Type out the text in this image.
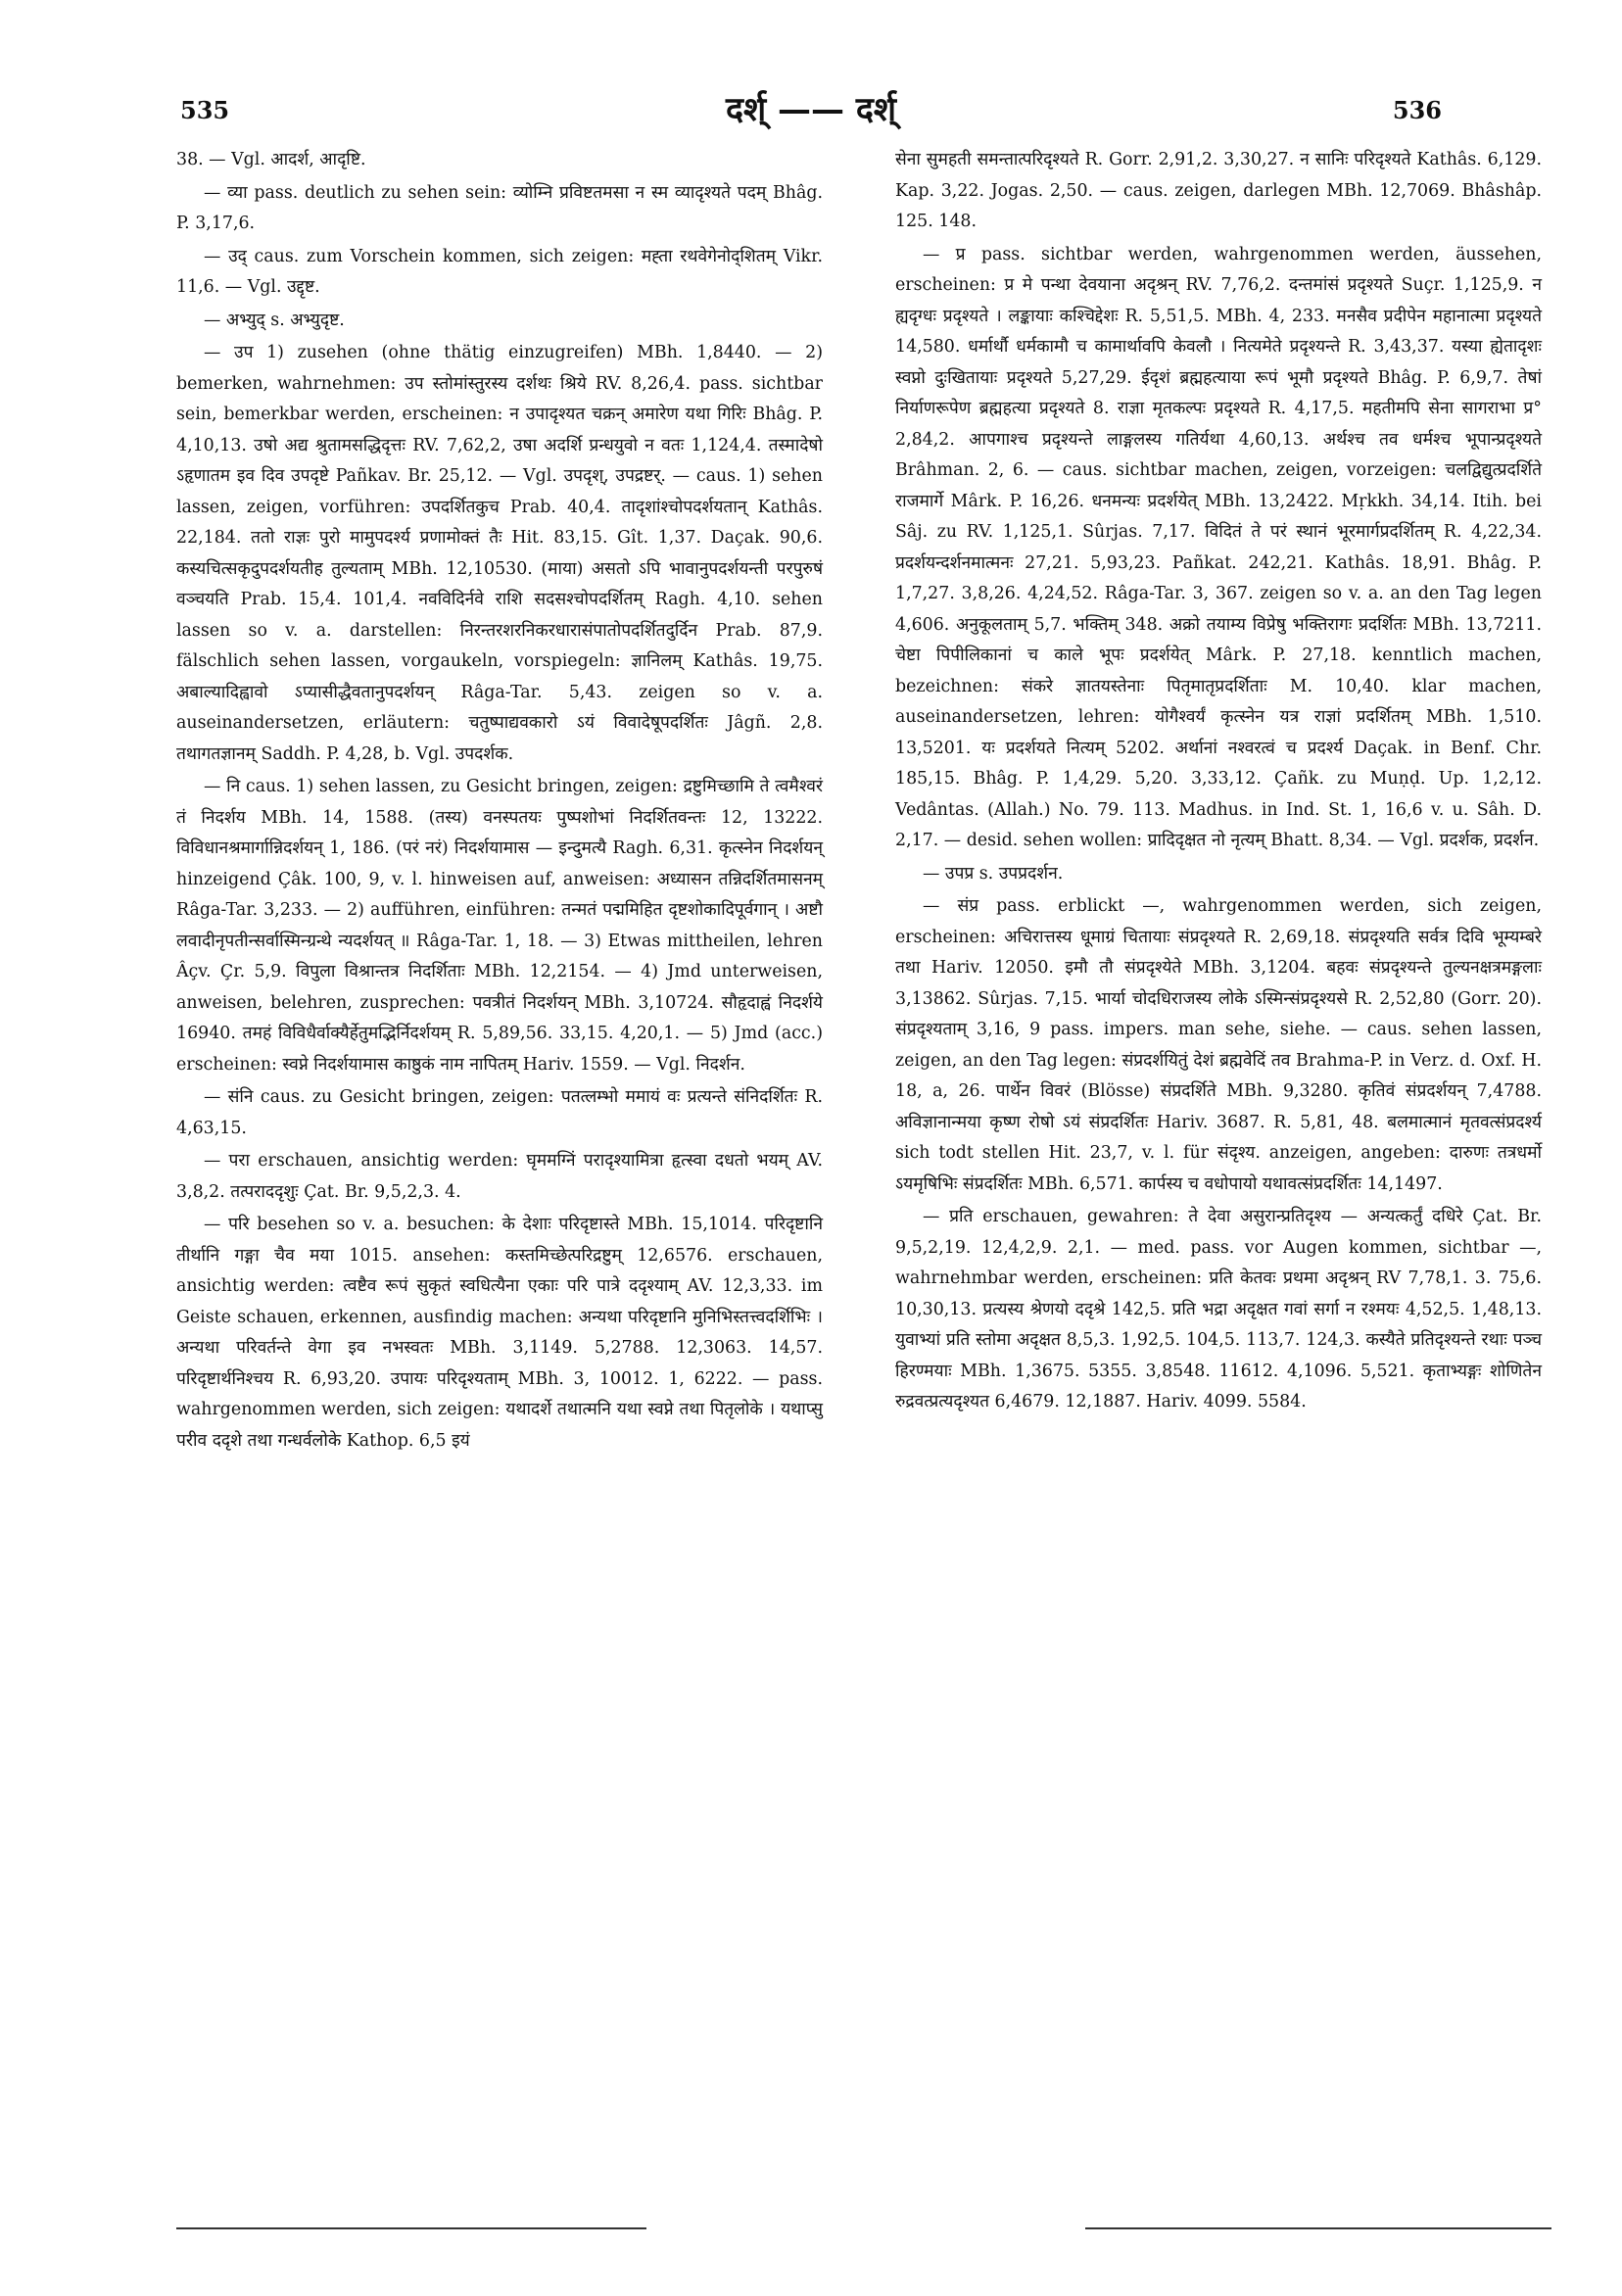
535	दर्श् —— दर्श्	536

38. — Vgl. आदर्श, आदृष्टि.

— व्या pass. deutlich zu sehen sein: व्योम्नि प्रविष्टतमसा न स्म व्यादृश्यते पदम् Bhâg. P. 3,17,6.

— उद् caus. zum Vorschein kommen, sich zeigen: मह्ता रथवेगेनोद्शितम् Vikr. 11,6. — Vgl. उद्दृष्ट.

— अभ्युद् s. अभ्युदृष्ट.

— उप 1) zusehen (ohne thätig einzugreifen) MBh. 1,8440. — 2) bemerken, wahrnehmen: उप स्तोमांस्तुरस्य दर्शथः श्रिये RV. 8,26,4. pass. sichtbar sein, bemerkbar werden, erscheinen: न उपादृश्यत चक्रन् अमारेण यथा गिरिः Bhâg. P. 4,10,13. उषो अद्य श्रुतामसद्धिदृत्तः RV. 7,62,2, उषा अदर्शि प्रन्धयुवो न वतः 1,124,4. तस्मादेषो ऽहृणातम इव दिव उपदृष्टे Pañkav. Br. 25,12. — Vgl. उपदृश्, उपद्रष्टर्. — caus. 1) sehen lassen, zeigen, vorführen: उपदर्शितकुच Prab. 40,4. तादृशांश्चोपदर्शयतान् Kathâs. 22,184. ततो राज्ञः पुरो मामुपदर्श्य प्रणामोक्तं तैः Hit. 83,15. Gît. 1,37. Daçak. 90,6. कस्यचित्सकृदुपदर्शयतीह तुल्यताम् MBh. 12,10530. (माया) असतो ऽपि भावानुपदर्शयन्ती परपुरुषं वञ्चयति Prab. 15,4. 101,4. नवविदिर्नवे राशि सदसश्चोपदर्शितम् Ragh. 4,10. sehen lassen so v. a. darstellen: निरन्तरशरनिकरधारासंपातोपदर्शितदुर्दिन Prab. 87,9. fälschlich sehen lassen, vorgaukeln, vorspiegeln: ज्ञानिलम् Kathâs. 19,75. अबाल्यादिह्वावो ऽप्यासीद्धैवतानुपदर्शयन् Râga-Tar. 5,43. zeigen so v. a. auseinandersetzen, erläutern: चतुष्पाद्यवकारो ऽयं विवादेषूपदर्शितः Jâgñ. 2,8. तथागतज्ञानम् Saddh. P. 4,28, b. Vgl. उपदर्शक.

— नि caus. 1) sehen lassen, zu Gesicht bringen, zeigen: द्रष्टुमिच्छामि ते त्वमैश्वरं तं निदर्शय MBh. 14, 1588. (तस्य) वनस्पतयः पुष्पशोभां निदर्शितवन्तः 12, 13222. विविधानश्रमार्गान्निदर्शयन् 1, 186. (परं नरं) निदर्शयामास — इन्दुमत्यै Ragh. 6,31. कृत्स्नेन निदर्शयन् hinzeigend Çâk. 100, 9, v. l. hinweisen auf, anweisen: अध्यासन तन्निदर्शितमासनम् Râga-Tar. 3,233. — 2) aufführen, einführen: तन्मतं पद्ममिहित दृष्टशोकादिपूर्वगान् । अष्टौ लवादीनृपतीन्सर्वास्मिन्ग्रन्थे न्यदर्शयत् ॥ Râga-Tar. 1, 18. — 3) Etwas mittheilen, lehren Âçv. Çr. 5,9. विपुला विश्रान्तत्र निदर्शिताः MBh. 12,2154. — 4) Jmd unterweisen, anweisen, belehren, zusprechen: पवत्रीतं निदर्शयन् MBh. 3,10724. सौहृदाह्वं निदर्शये 16940. तमहं विविधैर्वाक्यैर्हेतुमद्भिर्निदर्शयम् R. 5,89,56. 33,15. 4,20,1. — 5) Jmd (acc.) erscheinen: स्वप्ने निदर्शयामास काष्ठुकं नाम नापितम् Hariv. 1559. — Vgl. निदर्शन.

— संनि caus. zu Gesicht bringen, zeigen: पतत्लम्भो ममायं वः प्रत्यन्ते संनिदर्शितः R. 4,63,15.

— परा erschauen, ansichtig werden: घृममग्निं परादृश्यामित्रा हृत्स्वा दधतो भयम् AV. 3,8,2. तत्पराददृशुः Çat. Br. 9,5,2,3. 4.

— परि besehen so v. a. besuchen: के देशाः परिदृष्टास्ते MBh. 15,1014. परिदृष्टानि तीर्थानि गङ्गा चैव मया 1015. ansehen: कस्तमिच्छेत्परिद्रष्टुम् 12,6576. erschauen, ansichtig werden: त्वष्टैव रूपं सुकृतं स्वधित्यैना एकाः परि पात्रे ददृश्याम् AV. 12,3,33. im Geiste schauen, erkennen, ausfindig machen: अन्यथा परिदृष्टानि मुनिभिस्तत्त्वदर्शिभिः । अन्यथा परिवर्तन्ते वेगा इव नभस्वतः MBh. 3,1149. 5,2788. 12,3063. 14,57. परिदृष्टार्थनिश्चय R. 6,93,20. उपायः परिदृश्यताम् MBh. 3, 10012. 1, 6222. — pass. wahrgenommen werden, sich zeigen: यथादर्शे तथात्मनि यथा स्वप्ने तथा पितृलोके । यथाप्सु परीव ददृशे तथा गन्धर्वलोके Kathop. 6,5 इयं

सेना सुमहती समन्तात्परिदृश्यते R. Gorr. 2,91,2. 3,30,27. न सानिः परिदृश्यते Kathâs. 6,129. Kap. 3,22. Jogas. 2,50. — caus. zeigen, darlegen MBh. 12,7069. Bhâshâp. 125. 148.

— प्र pass. sichtbar werden, wahrgenommen werden, äussehen, erscheinen: प्र मे पन्था देवयाना अदृश्रन् RV. 7,76,2. दन्तमांसं प्रदृश्यते Suçr. 1,125,9. न ह्यदृग्धः प्रदृश्यते । लङ्कायाः कश्चिद्देशः R. 5,51,5. MBh. 4, 233. मनसैव प्रदीपेन महानात्मा प्रदृश्यते 14,580. धर्मार्थौ धर्मकामौ च कामार्थावपि केवलौ । नित्यमेते प्रदृश्यन्ते R. 3,43,37. यस्या ह्येतादृशः स्वप्नो दुःखितायाः प्रदृश्यते 5,27,29. ईदृशं ब्रह्महत्याया रूपं भूमौ प्रदृश्यते Bhâg. P. 6,9,7. तेषां निर्याणरूपेण ब्रह्महत्या प्रदृश्यते 8. राज्ञा मृतकल्पः प्रदृश्यते R. 4,17,5. महतीमपि सेना सागराभा प्र° 2,84,2. आपगाश्च प्रदृश्यन्ते लाङ्गलस्य गतिर्यथा 4,60,13. अर्थश्च तव धर्मश्च भूपान्प्रदृश्यते Brâhman. 2, 6. — caus. sichtbar machen, zeigen, vorzeigen: चलद्विद्युत्प्रदर्शिते राजमार्गे Mârk. P. 16,26. धनमन्यः प्रदर्शयेत् MBh. 13,2422. Mṛkkh. 34,14. Itih. bei Sâj. zu RV. 1,125,1. Sûrjas. 7,17. विदितं ते परं स्थानं भूरमार्गप्रदर्शितम् R. 4,22,34. प्रदर्शयन्दर्शनमात्मनः 27,21. 5,93,23. Pañkat. 242,21. Kathâs. 18,91. Bhâg. P. 1,7,27. 3,8,26. 4,24,52. Râga-Tar. 3, 367. zeigen so v. a. an den Tag legen 4,606. अनुकूलताम् 5,7. भक्तिम् 348. अक्रो तयाम्य विप्रेषु भक्तिरागः प्रदर्शितः MBh. 13,7211. चेष्टा पिपीलिकानां च काले भूपः प्रदर्शयेत् Mârk. P. 27,18. kenntlich machen, bezeichnen: संकरे ज्ञातयस्तेनाः पितृमातृप्रदर्शिताः M. 10,40. klar machen, auseinandersetzen, lehren: योगैश्वर्यं कृत्स्नेन यत्र राज्ञां प्रदर्शितम् MBh. 1,510. 13,5201. यः प्रदर्शयते नित्यम् 5202. अर्थानां नश्वरत्वं च प्रदर्श्य Daçak. in Benf. Chr. 185,15. Bhâg. P. 1,4,29. 5,20. 3,33,12. Çañk. zu Muṇḍ. Up. 1,2,12. Vedântas. (Allah.) No. 79. 113. Madhus. in Ind. St. 1, 16,6 v. u. Sâh. D. 2,17. — desid. sehen wollen: प्रादिदृक्षत नो नृत्यम् Bhatt. 8,34. — Vgl. प्रदर्शक, प्रदर्शन.

— उपप्र s. उपप्रदर्शन.

— संप्र pass. erblickt —, wahrgenommen werden, sich zeigen, erscheinen: अचिरात्तस्य धूमाग्रं चितायाः संप्रदृश्यते R. 2,69,18. संप्रदृश्यति सर्वत्र दिवि भूम्यम्बरे तथा Hariv. 12050. इमौ तौ संप्रदृश्येते MBh. 3,1204. बहवः संप्रदृश्यन्ते तुल्यनक्षत्रमङ्गलाः 3,13862. Sûrjas. 7,15. भार्या चोदधिराजस्य लोके ऽस्मिन्संप्रदृश्यसे R. 2,52,80 (Gorr. 20). संप्रदृश्यताम् 3,16, 9 pass. impers. man sehe, siehe. — caus. sehen lassen, zeigen, an den Tag legen: संप्रदर्शयितुं देशं ब्रह्मवेदिं तव Brahma-P. in Verz. d. Oxf. H. 18, a, 26. पार्थेन विवरं (Blösse) संप्रदर्शिते MBh. 9,3280. कृतिवं संप्रदर्शयन् 7,4788. अविज्ञानान्मया कृष्ण रोषो ऽयं संप्रदर्शितः Hariv. 3687. R. 5,81, 48. बलमात्मानं मृतवत्संप्रदर्श्य sich todt stellen Hit. 23,7, v. l. für संदृश्य. anzeigen, angeben: दारुणः तत्रधर्मो ऽयमृषिभिः संप्रदर्शितः MBh. 6,571. कार्पस्य च वधोपायो यथावत्संप्रदर्शितः 14,1497.

— प्रति erschauen, gewahren: ते देवा असुरान्प्रतिदृश्य — अन्यत्कर्तुं दधिरे Çat. Br. 9,5,2,19. 12,4,2,9. 2,1. — med. pass. vor Augen kommen, sichtbar —, wahrnehmbar werden, erscheinen: प्रति केतवः प्रथमा अदृश्रन् RV 7,78,1. 3. 75,6. 10,30,13. प्रत्यस्य श्रेणयो ददृश्रे 142,5. प्रति भद्रा अदृक्षत गवां सर्गा न रश्मयः 4,52,5. 1,48,13. युवाभ्यां प्रति स्तोमा अदृक्षत 8,5,3. 1,92,5. 104,5. 113,7. 124,3. कस्यैते प्रतिदृश्यन्ते रथाः पञ्च हिरण्मयाः MBh. 1,3675. 5355. 3,8548. 11612. 4,1096. 5,521. कृताभ्यङ्गः शोणितेन रुद्रवत्प्रत्यदृश्यत 6,4679. 12,1887. Hariv. 4099. 5584.
